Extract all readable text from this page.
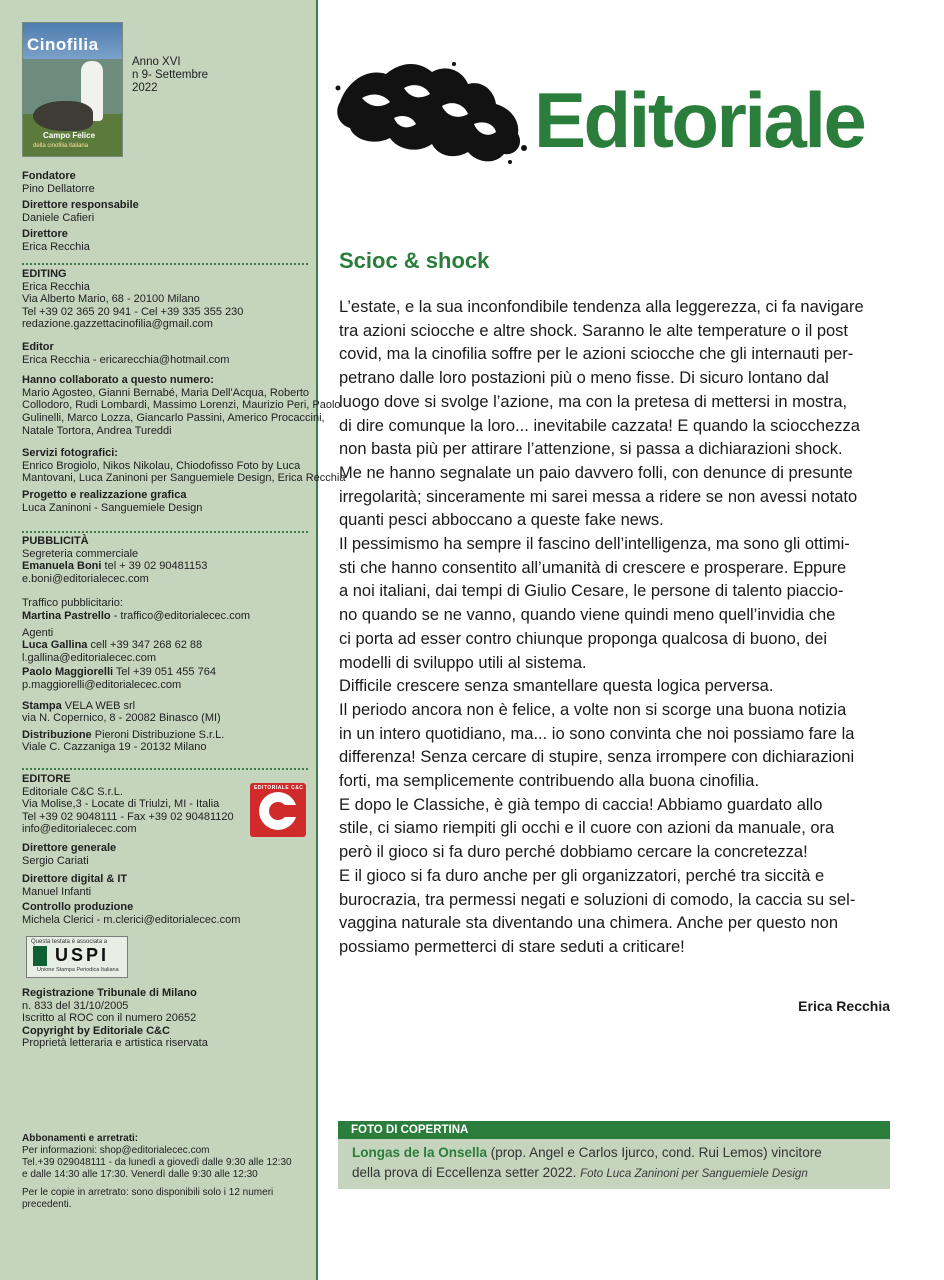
Cinofilia
Campo Felice
della cinofilia italiana
Anno XVI
n 9- Settembre
2022
Fondatore
Pino Dellatorre
Direttore responsabile
Daniele Cafieri
Direttore
Erica Recchia
EDITING
Erica Recchia
Via Alberto Mario, 68 - 20100 Milano
Tel +39 02 365 20 941 - Cel +39 335 355 230
redazione.gazzettacinofilia@gmail.com
Editor
Erica Recchia - ericarecchia@hotmail.com
Hanno collaborato a questo numero:
Mario Agosteo, Gianni Bernabé, Maria Dell'Acqua, Roberto
Collodoro, Rudi Lombardi, Massimo Lorenzi, Maurizio Peri, Paolo
Gulinelli, Marco Lozza, Giancarlo Passini, Americo Procaccini,
Natale Tortora, Andrea Tureddi
Servizi fotografici:
Enrico Brogiolo, Nikos Nikolau, Chiodofisso Foto by Luca
Mantovani, Luca Zaninoni per Sanguemiele Design, Erica Recchia
Progetto e realizzazione grafica
Luca Zaninoni - Sanguemiele Design
PUBBLICITÀ
Segreteria commerciale
Emanuela Boni tel + 39 02 90481153
e.boni@editorialecec.com
Traffico pubblicitario:
Martina Pastrello - traffico@editorialecec.com
Agenti
Luca Gallina cell +39 347 268 62 88
l.gallina@editorialecec.com
Paolo Maggiorelli Tel +39 051 455 764
p.maggiorelli@editorialecec.com
Stampa VELA WEB srl
via N. Copernico, 8 - 20082 Binasco (MI)
Distribuzione Pieroni Distribuzione S.r.L.
Viale C. Cazzaniga 19 - 20132 Milano
EDITORE
Editoriale C&C S.r.L.
Via Molise,3 - Locate di Triulzi, MI - Italia
Tel +39 02 9048111 - Fax +39 02 90481120
info@editorialecec.com
Direttore generale
Sergio Cariati
Direttore digital & IT
Manuel Infanti
Controllo produzione
Michela Clerici - m.clerici@editorialecec.com
EDITORIALE C&C
Questa testata è associata a
USPI
Unione Stampa Periodica Italiana
Registrazione Tribunale di Milano
n. 833 del 31/10/2005
Iscritto al ROC con il numero 20652
Copyright by Editoriale C&C
Proprietà letteraria e artistica riservata
Abbonamenti e arretrati:
Per informazioni: shop@editorialecec.com
Tel.+39 029048111 - da lunedì a giovedì dalle 9:30 alle 12:30
e dalle 14:30 alle 17:30. Venerdì dalle 9:30 alle 12:30
Per le copie in arretrato: sono disponibili solo i 12 numeri
precedenti.
Editoriale
Scioc & shock
L’estate, e la sua inconfondibile tendenza alla leggerezza, ci fa navigare
tra azioni sciocche e altre shock. Saranno le alte temperature o il post
covid, ma la cinofilia soffre per le azioni sciocche che gli internauti per-
petrano dalle loro postazioni più o meno fisse. Di sicuro lontano dal
luogo dove si svolge l’azione, ma con la pretesa di mettersi in mostra,
di dire comunque la loro... inevitabile cazzata! E quando la sciocchezza
non basta più per attirare l’attenzione, si passa a dichiarazioni shock.
Me ne hanno segnalate un paio davvero folli, con denunce di presunte
irregolarità; sinceramente mi sarei messa a ridere se non avessi notato
quanti pesci abboccano a queste fake news.
Il pessimismo ha sempre il fascino dell’intelligenza, ma sono gli ottimi-
sti che hanno consentito all’umanità di crescere e prosperare. Eppure
a noi italiani, dai tempi di Giulio Cesare, le persone di talento piaccio-
no quando se ne vanno, quando viene quindi meno quell’invidia che
ci porta ad esser contro chiunque proponga qualcosa di buono, dei
modelli di sviluppo utili al sistema.
Difficile crescere senza smantellare questa logica perversa.
Il periodo ancora non è felice, a volte non si scorge una buona notizia
in un intero quotidiano, ma... io sono convinta che noi possiamo fare la
differenza! Senza cercare di stupire, senza irrompere con dichiarazioni
forti, ma semplicemente contribuendo alla buona cinofilia.
E dopo le Classiche, è già tempo di caccia! Abbiamo guardato allo
stile, ci siamo riempiti gli occhi e il cuore con azioni da manuale, ora
però il gioco si fa duro perché dobbiamo cercare la concretezza!
E il gioco si fa duro anche per gli organizzatori, perché tra siccità e
burocrazia, tra permessi negati e soluzioni di comodo, la caccia su sel-
vaggina naturale sta diventando una chimera. Anche per questo non
possiamo permetterci di stare seduti a criticare!
Erica Recchia
FOTO DI COPERTINA
Longas de la Onsella (prop. Angel e Carlos Ijurco, cond. Rui Lemos) vincitore
della prova di Eccellenza setter 2022. Foto Luca Zaninoni per Sanguemiele Design
